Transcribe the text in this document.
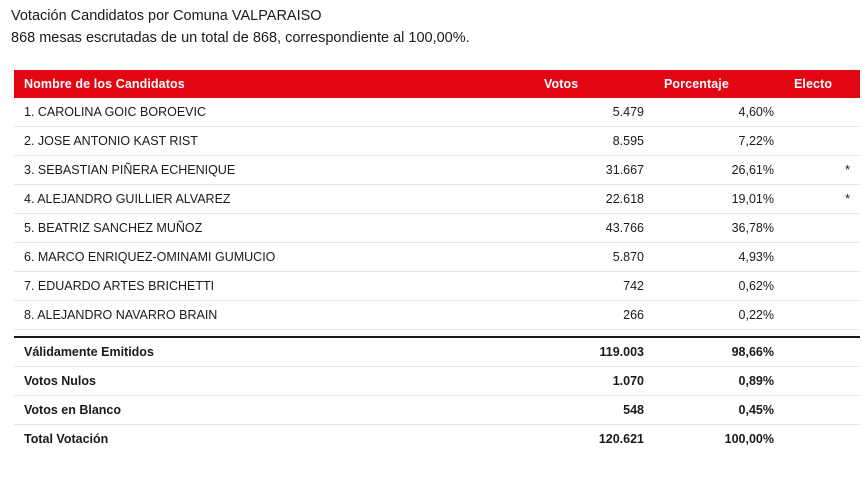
Votación Candidatos por Comuna VALPARAISO
868 mesas escrutadas de un total de 868, correspondiente al 100,00%.
Nombre de los Candidatos	Votos	Porcentaje	Electo
1. CAROLINA GOIC BOROEVIC	5.479	4,60%	
2. JOSE ANTONIO KAST RIST	8.595	7,22%	
3. SEBASTIAN PIÑERA ECHENIQUE	31.667	26,61%	*
4. ALEJANDRO GUILLIER ALVAREZ	22.618	19,01%	*
5. BEATRIZ SANCHEZ MUÑOZ	43.766	36,78%	
6. MARCO ENRIQUEZ-OMINAMI GUMUCIO	5.870	4,93%	
7. EDUARDO ARTES BRICHETTI	742	0,62%	
8. ALEJANDRO NAVARRO BRAIN	266	0,22%	
Válidamente Emitidos	119.003	98,66%	
Votos Nulos	1.070	0,89%	
Votos en Blanco	548	0,45%	
Total Votación	120.621	100,00%	
